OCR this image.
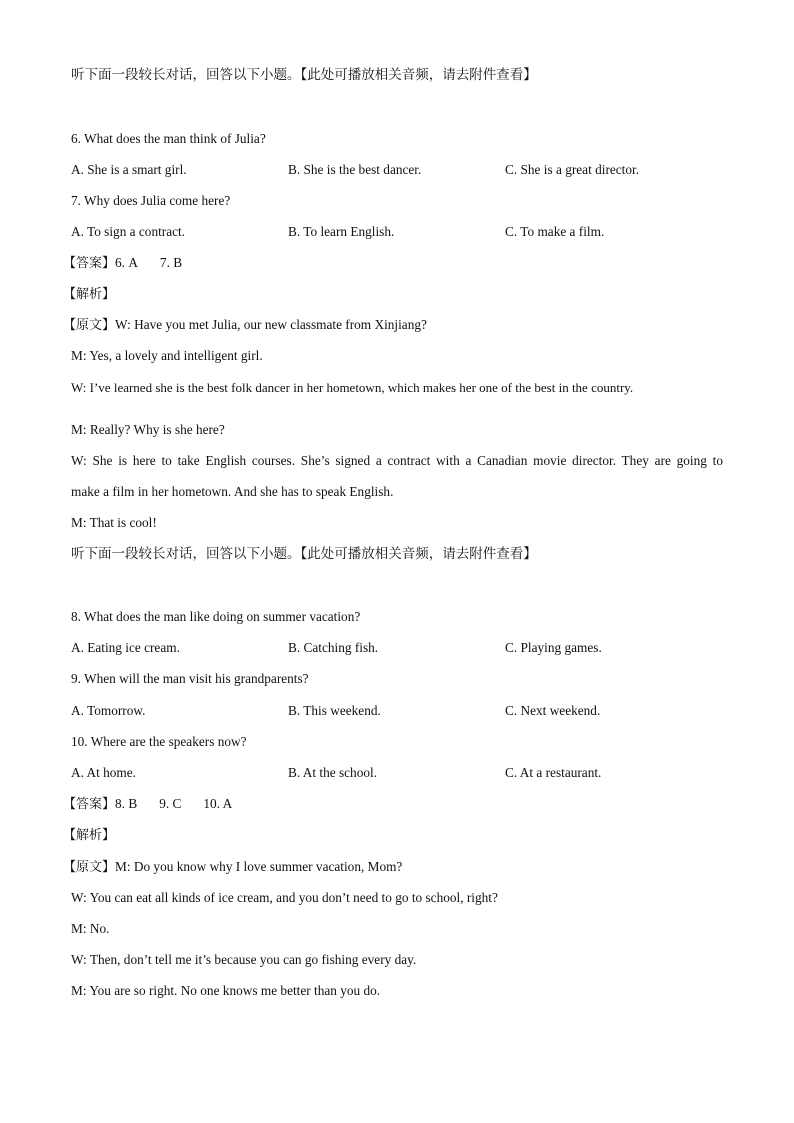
听下面一段较长对话，回答以下小题。【此处可播放相关音频，请去附件查看】
6. What does the man think of Julia?
A. She is a smart girl.	B. She is the best dancer.	C. She is a great director.
7. Why does Julia come here?
A. To sign a contract.	B. To learn English.	C. To make a film.
【答案】6. A 7. B
【解析】
【原文】W: Have you met Julia, our new classmate from Xinjiang?
M: Yes, a lovely and intelligent girl.
W: I’ve learned she is the best folk dancer in her hometown, which makes her one of the best in the country.
M: Really? Why is she here?
W: She is here to take English courses. She’s signed a contract with a Canadian movie director. They are going to
make a film in her hometown. And she has to speak English.
M: That is cool!
听下面一段较长对话，回答以下小题。【此处可播放相关音频，请去附件查看】
8. What does the man like doing on summer vacation?
A. Eating ice cream.	B. Catching fish.	C. Playing games.
9. When will the man visit his grandparents?
A. Tomorrow.	B. This weekend.	C. Next weekend.
10. Where are the speakers now?
A. At home.	B. At the school.	C. At a restaurant.
【答案】8. B 9. C 10. A
【解析】
【原文】M: Do you know why I love summer vacation, Mom?
W: You can eat all kinds of ice cream, and you don’t need to go to school, right?
M: No.
W: Then, don’t tell me it’s because you can go fishing every day.
M: You are so right. No one knows me better than you do.
